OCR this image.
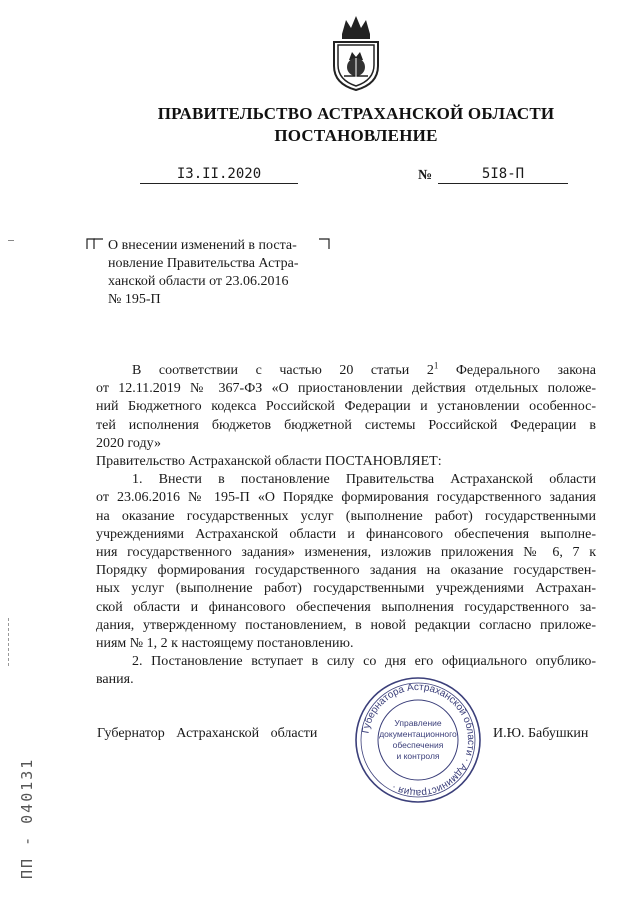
ПРАВИТЕЛЬСТВО АСТРАХАНСКОЙ ОБЛАСТИ
ПОСТАНОВЛЕНИЕ
I3.II.2020	№	5I8-П
О внесении изменений в поста-
новление Правительства Астра-
ханской области от 23.06.2016
№ 195-П
В соответствии с частью 20 статьи $2^1$ Федерального закона
от 12.11.2019 № 367-ФЗ «О приостановлении действия отдельных положе-
ний Бюджетного кодекса Российской Федерации и установлении особеннос-
тей исполнения бюджетов бюджетной системы Российской Федерации в
2020 году»
Правительство Астраханской области ПОСТАНОВЛЯЕТ:
1. Внести в постановление Правительства Астраханской области
от 23.06.2016 № 195-П «О Порядке формирования государственного задания
на оказание государственных услуг (выполнение работ) государственными
учреждениями Астраханской области и финансового обеспечения выполне-
ния государственного задания» изменения, изложив приложения № 6, 7 к
Порядку формирования государственного задания на оказание государствен-
ных услуг (выполнение работ) государственными учреждениями Астрахан-
ской области и финансового обеспечения выполнения государственного за-
дания, утвержденному постановлением, в новой редакции согласно приложе-
ниям № 1, 2 к настоящему постановлению.
2. Постановление вступает в силу со дня его официального опублико-
вания.
Губернатор Астраханской области	И.Ю. Бабушкин
Губернатора Астраханской области · Администрация ·
Управление
документационного
обеспечения
и контроля
ПП - 040131
